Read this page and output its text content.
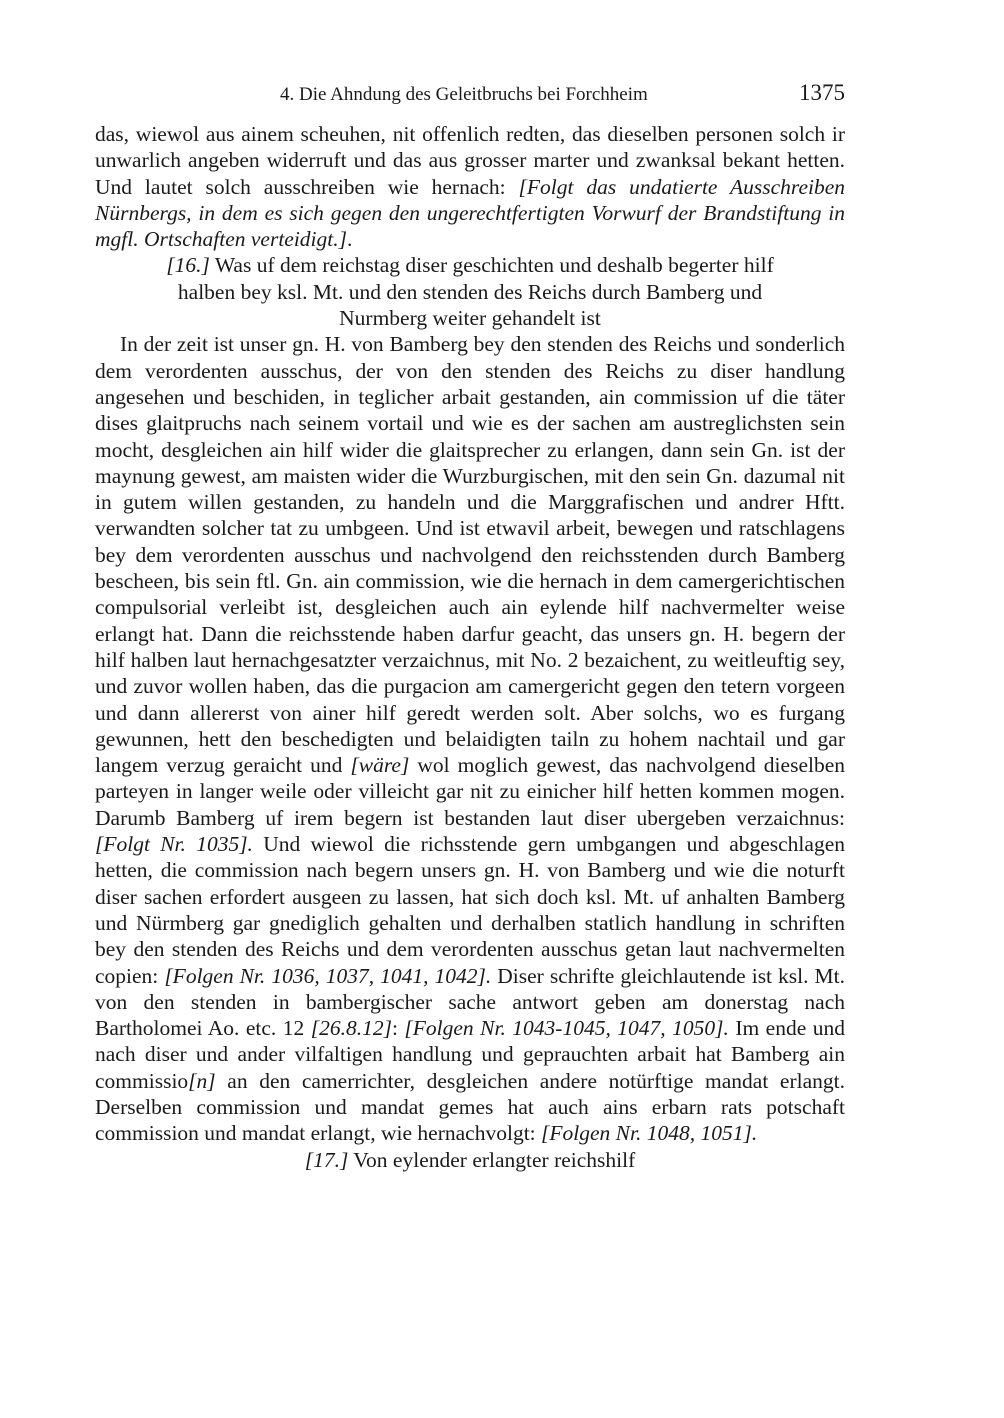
4. Die Ahndung des Geleitbruchs bei Forchheim	1375

das, wiewol aus ainem scheuhen, nit offenlich redten, das dieselben personen solch ir unwarlich angeben widerruft und das aus grosser marter und zwanksal bekant hetten. Und lautet solch ausschreiben wie hernach: [Folgt das undatierte Ausschreiben Nürnbergs, in dem es sich gegen den ungerechtfertigten Vorwurf der Brandstiftung in mgfl. Ortschaften verteidigt.].

[16.] Was uf dem reichstag diser geschichten und deshalb begerter hilf halben bey ksl. Mt. und den stenden des Reichs durch Bamberg und Nurmberg weiter gehandelt ist

In der zeit ist unser gn. H. von Bamberg bey den stenden des Reichs und sonderlich dem verordenten ausschus, der von den stenden des Reichs zu diser handlung angesehen und beschiden, in teglicher arbait gestanden, ain commission uf die täter dises glaitpruchs nach seinem vortail und wie es der sachen am austreglichsten sein mocht, desgleichen ain hilf wider die glaitsprecher zu erlangen, dann sein Gn. ist der maynung gewest, am maisten wider die Wurzburgischen, mit den sein Gn. dazumal nit in gutem willen gestanden, zu handeln und die Marggrafischen und andrer Hftt. verwandten solcher tat zu umbgeen. Und ist etwavil arbeit, bewegen und ratschlagens bey dem verordenten ausschus und nachvolgend den reichsstenden durch Bamberg bescheen, bis sein ftl. Gn. ain commission, wie die hernach in dem camergerichtischen compulsorial verleibt ist, desgleichen auch ain eylende hilf nachvermelter weise erlangt hat. Dann die reichsstende haben darfur geacht, das unsers gn. H. begern der hilf halben laut hernachgesatzter verzaichnus, mit No. 2 bezaichent, zu weitleuftig sey, und zuvor wollen haben, das die purgacion am camergericht gegen den tetern vorgeen und dann allererst von ainer hilf geredt werden solt. Aber solchs, wo es furgang gewunnen, hett den beschedigten und belaidigten tailn zu hohem nachtail und gar langem verzug geraicht und [wäre] wol moglich gewest, das nachvolgend dieselben parteyen in langer weile oder villeicht gar nit zu einicher hilf hetten kommen mogen. Darumb Bamberg uf irem begern ist bestanden laut diser ubergeben verzaichnus: [Folgt Nr. 1035]. Und wiewol die richsstende gern umbgangen und abgeschlagen hetten, die commission nach begern unsers gn. H. von Bamberg und wie die noturft diser sachen erfordert ausgeen zu lassen, hat sich doch ksl. Mt. uf anhalten Bamberg und Nürmberg gar gnediglich gehalten und derhalben statlich handlung in schriften bey den stenden des Reichs und dem verordenten ausschus getan laut nachvermelten copien: [Folgen Nr. 1036, 1037, 1041, 1042]. Diser schrifte gleichlautende ist ksl. Mt. von den stenden in bambergischer sache antwort geben am donerstag nach Bartholomei Ao. etc. 12 [26.8.12]: [Folgen Nr. 1043-1045, 1047, 1050]. Im ende und nach diser und ander vilfaltigen handlung und geprauchten arbait hat Bamberg ain commissio[n] an den camerrichter, desgleichen andere notürftige mandat erlangt. Derselben commission und mandat gemes hat auch ains erbarn rats potschaft commission und mandat erlangt, wie hernachvolgt: [Folgen Nr. 1048, 1051].

[17.] Von eylender erlangter reichshilf
